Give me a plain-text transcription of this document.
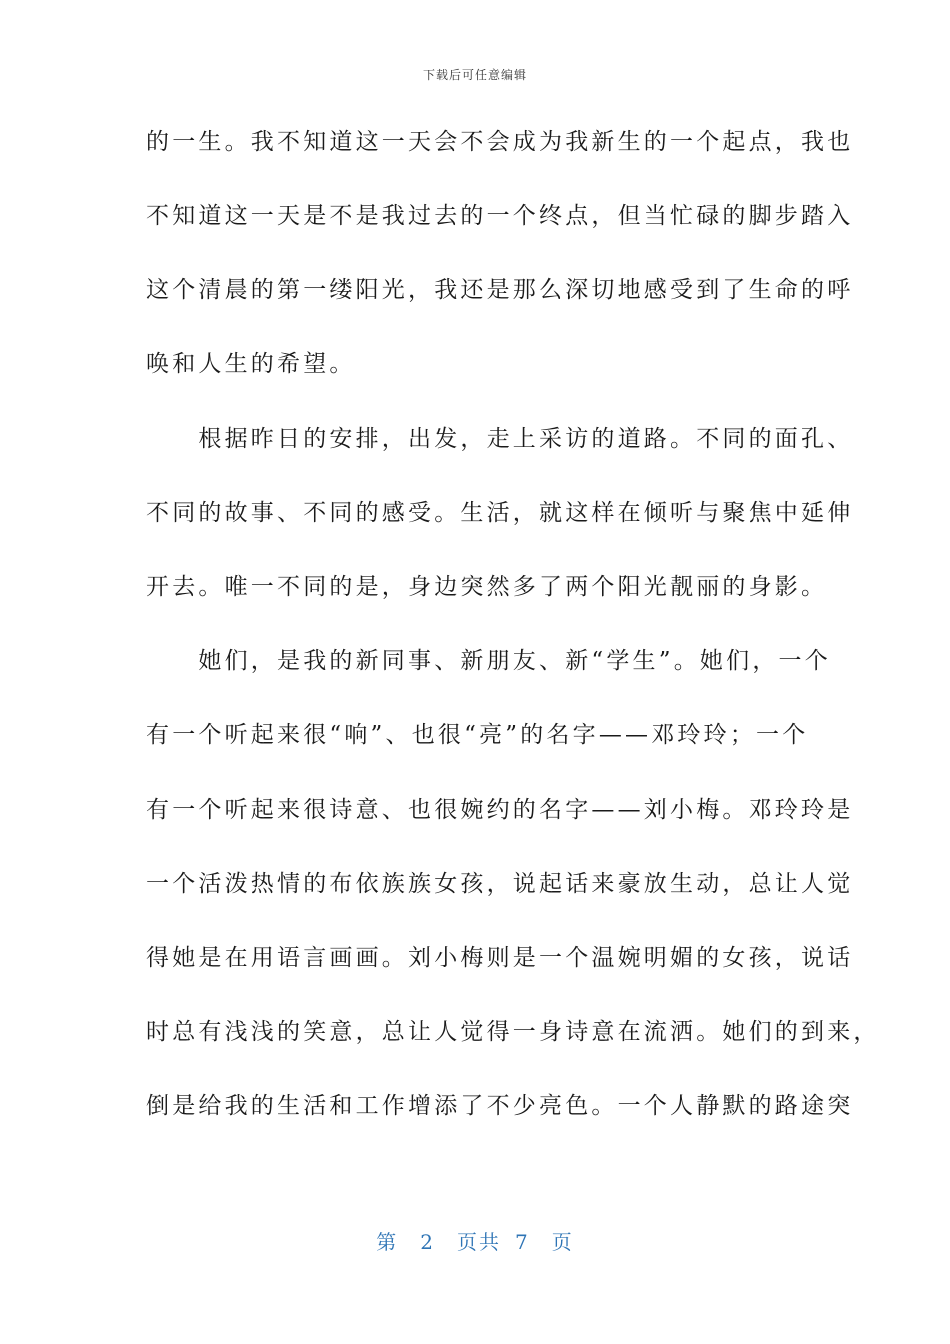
下载后可任意编辑
的一生。我不知道这一天会不会成为我新生的一个起点，我也
不知道这一天是不是我过去的一个终点，但当忙碌的脚步踏入
这个清晨的第一缕阳光，我还是那么深切地感受到了生命的呼
唤和人生的希望。
　　根据昨日的安排，出发，走上采访的道路。不同的面孔、
不同的故事、不同的感受。生活，就这样在倾听与聚焦中延伸
开去。唯一不同的是，身边突然多了两个阳光靓丽的身影。
　　她们，是我的新同事、新朋友、新“学生”。她们，一个
有一个听起来很“响”、也很“亮”的名字——邓玲玲；一个
有一个听起来很诗意、也很婉约的名字——刘小梅。邓玲玲是
一个活泼热情的布依族族女孩，说起话来豪放生动，总让人觉
得她是在用语言画画。刘小梅则是一个温婉明媚的女孩，说话
时总有浅浅的笑意，总让人觉得一身诗意在流洒。她们的到来，
倒是给我的生活和工作增添了不少亮色。一个人静默的路途突
第 2 页共 7 页
